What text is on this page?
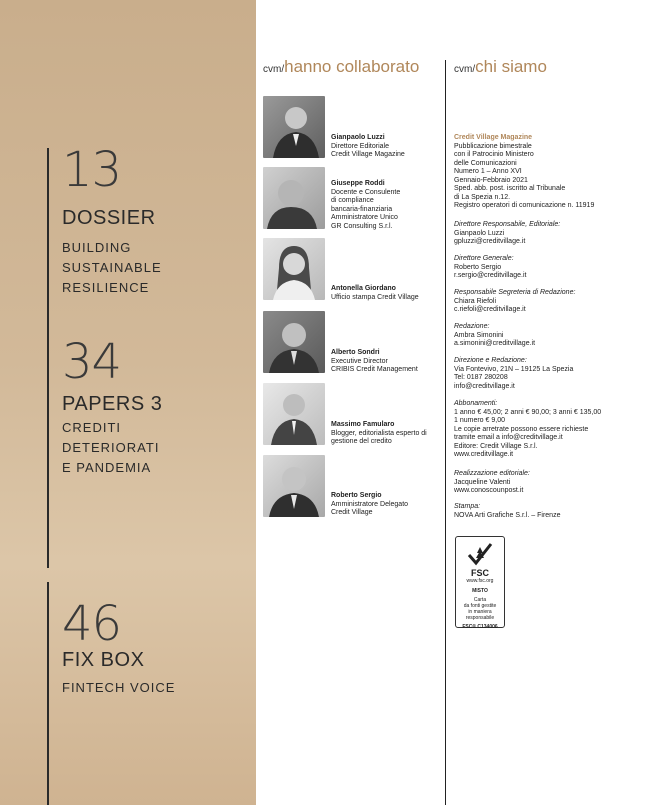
13
DOSSIER
BUILDING
SUSTAINABLE
RESILIENCE
34
PAPERS 3
CREDITI
DETERIORATI
E PANDEMIA
46
FIX BOX
FINTECH VOICE
cvm/hanno collaborato	cvm/chi siamo
Gianpaolo Luzzi
Direttore Editoriale
Credit Village Magazine
Giuseppe Roddi
Docente e Consulente
di compliance
bancaria-finanziaria
Amministratore Unico
GR Consulting S.r.l.
Antonella Giordano
Ufficio stampa Credit Village
Alberto Sondri
Executive Director
CRIBIS Credit Management
Massimo Famularo
Blogger, editorialista esperto di
gestione del credito
Roberto Sergio
Amministratore Delegato
Credit Village
Credit Village Magazine
Pubblicazione bimestrale
con il Patrocinio Ministero
delle Comunicazioni
Numero 1 – Anno XVI
Gennaio-Febbraio 2021
Sped. abb. post. iscritto al Tribunale
di La Spezia n.12.
Registro operatori di comunicazione n. 11919
Direttore Responsabile, Editoriale:
Gianpaolo Luzzi
gpluzzi@creditvillage.it
Direttore Generale:
Roberto Sergio
r.sergio@creditvillage.it
Responsabile Segreteria di Redazione:
Chiara Riefoli
c.riefoli@creditvillage.it
Redazione:
Ambra Simonini
a.simonini@creditvillage.it
Direzione e Redazione:
Via Fontevivo, 21N – 19125 La Spezia
Tel: 0187 280208
info@creditvillage.it
Abbonamenti:
1 anno € 45,00; 2 anni € 90,00; 3 anni € 135,00
1 numero € 9,00
Le copie arretrate possono essere richieste
tramite email a info@creditvillage.it
Editore: Credit Village S.r.l.
www.creditvillage.it
Realizzazione editoriale:
Jacqueline Valenti
www.conoscounpost.it
Stampa:
NOVA Arti Grafiche S.r.l. – Firenze
FSC
www.fsc.org
MISTO
Carta
da fonti gestite
in maniera responsabile
FSC® C134006
